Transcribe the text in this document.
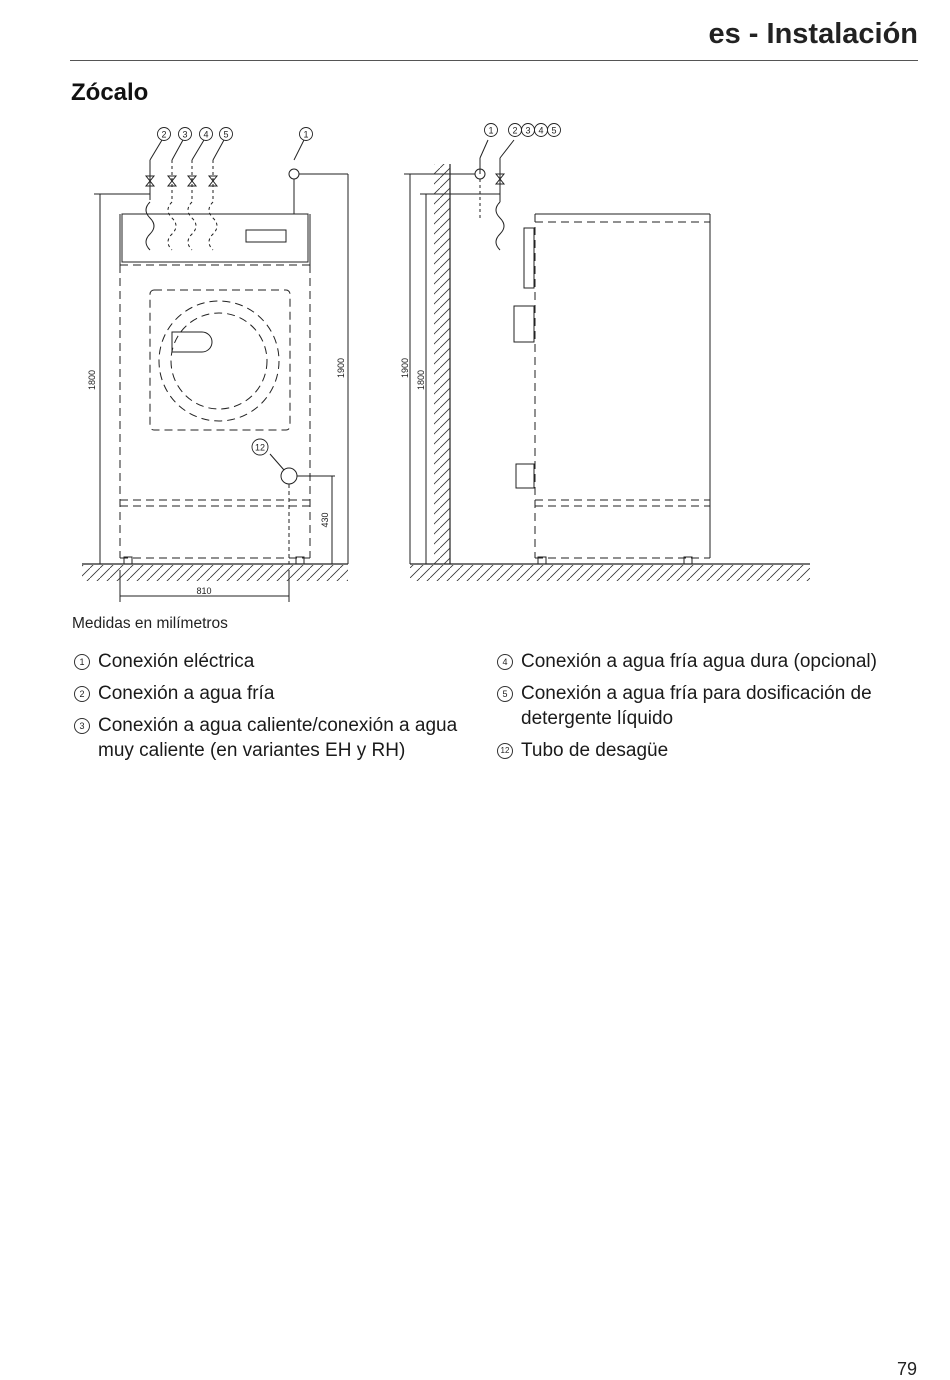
es - Instalación
Zócalo
2 3 4 5	1
12
1800
1900
430
810
1 2 3 4 5
1900
1800
Medidas en milímetros
1 Conexión eléctrica
2 Conexión a agua fría
3 Conexión a agua caliente/conexión a agua muy caliente (en variantes EH y RH)
4 Conexión a agua fría agua dura (opcional)
5 Conexión a agua fría para dosificación de detergente líquido
12 Tubo de desagüe
79
